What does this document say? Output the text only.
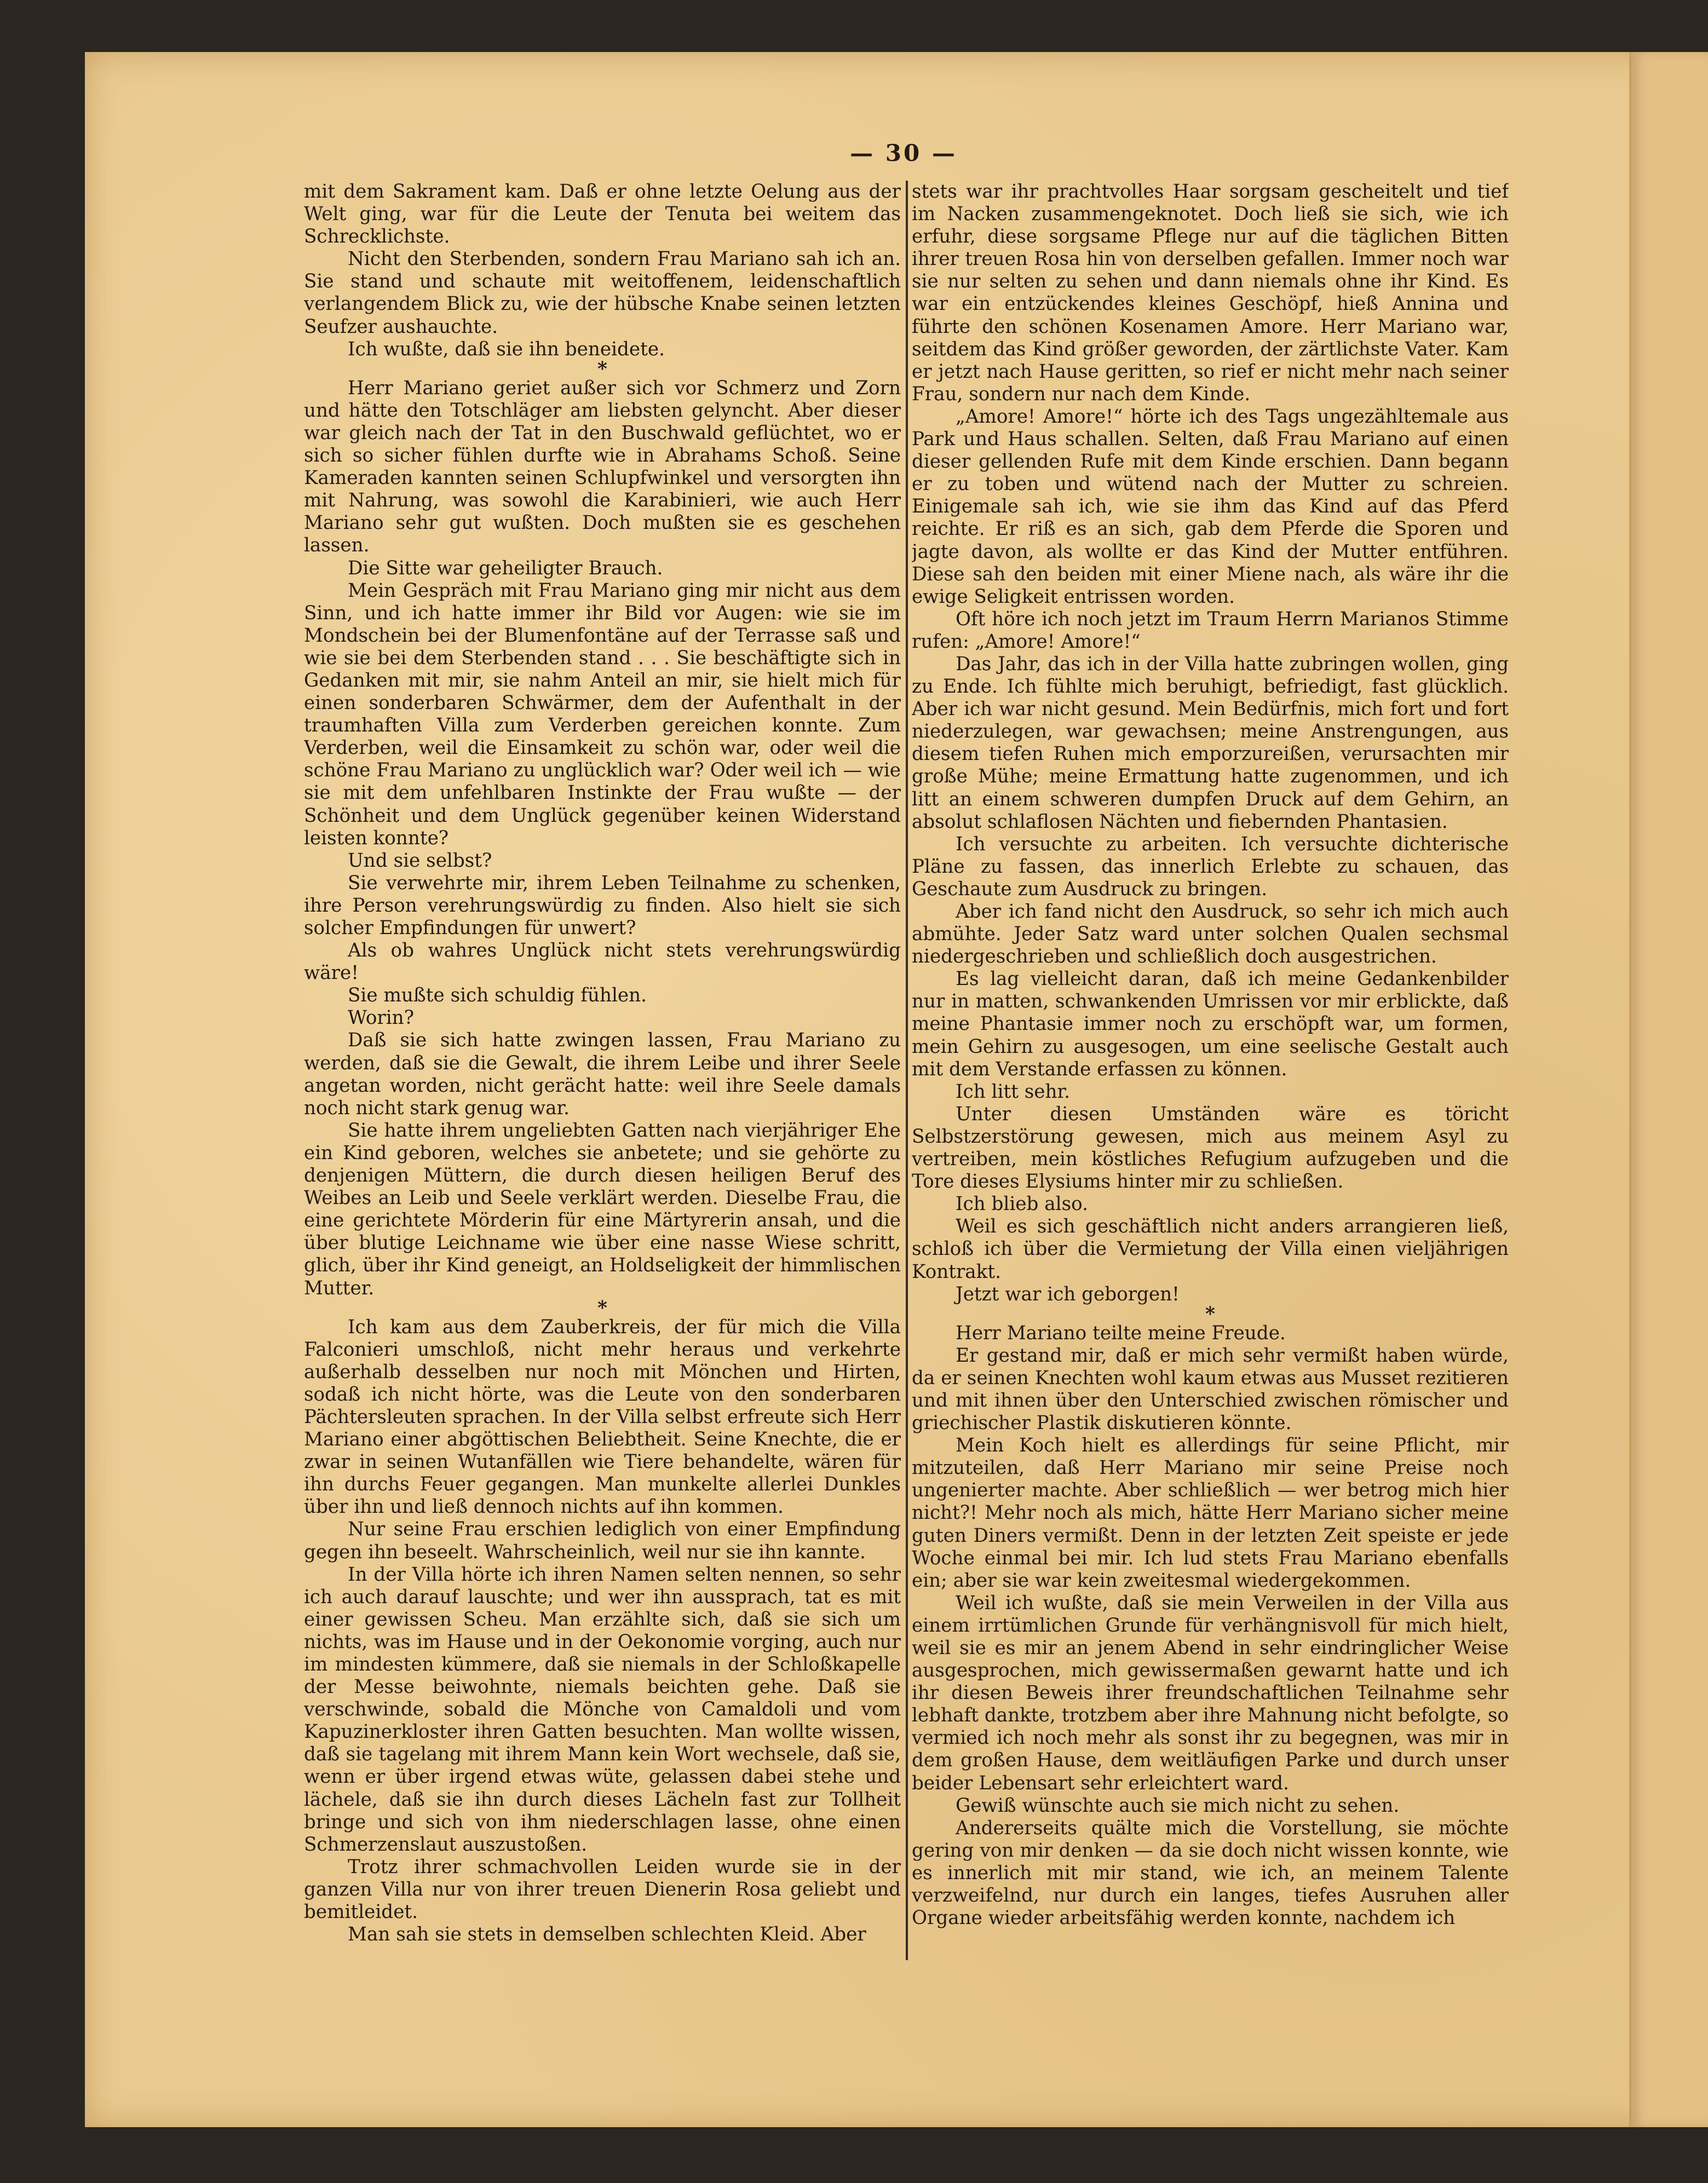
— 30 —

mit dem Sakrament kam. Daß er ohne letzte Oelung aus der Welt ging, war für die Leute der Tenuta bei weitem das Schrecklichste.

Nicht den Sterbenden, sondern Frau Mariano sah ich an. Sie stand und schaute mit weitoffenem, leidenschaftlich verlangendem Blick zu, wie der hübsche Knabe seinen letzten Seufzer aushauchte.

Ich wußte, daß sie ihn beneidete.

*

Herr Mariano geriet außer sich vor Schmerz und Zorn und hätte den Totschläger am liebsten gelyncht. Aber dieser war gleich nach der Tat in den Buschwald geflüchtet, wo er sich so sicher fühlen durfte wie in Abrahams Schoß. Seine Kameraden kannten seinen Schlupfwinkel und versorgten ihn mit Nahrung, was sowohl die Karabinieri, wie auch Herr Mariano sehr gut wußten. Doch mußten sie es geschehen lassen.

Die Sitte war geheiligter Brauch.

Mein Gespräch mit Frau Mariano ging mir nicht aus dem Sinn, und ich hatte immer ihr Bild vor Augen: wie sie im Mondschein bei der Blumenfontäne auf der Terrasse saß und wie sie bei dem Sterbenden stand . . . Sie beschäftigte sich in Gedanken mit mir, sie nahm Anteil an mir, sie hielt mich für einen sonderbaren Schwärmer, dem der Aufenthalt in der traumhaften Villa zum Verderben gereichen konnte. Zum Verderben, weil die Einsamkeit zu schön war, oder weil die schöne Frau Mariano zu unglücklich war? Oder weil ich — wie sie mit dem unfehlbaren Instinkte der Frau wußte — der Schönheit und dem Unglück gegenüber keinen Widerstand leisten konnte?

Und sie selbst?

Sie verwehrte mir, ihrem Leben Teilnahme zu schenken, ihre Person verehrungswürdig zu finden. Also hielt sie sich solcher Empfindungen für unwert?

Als ob wahres Unglück nicht stets verehrungswürdig wäre!

Sie mußte sich schuldig fühlen.

Worin?

Daß sie sich hatte zwingen lassen, Frau Mariano zu werden, daß sie die Gewalt, die ihrem Leibe und ihrer Seele angetan worden, nicht gerächt hatte: weil ihre Seele damals noch nicht stark genug war.

Sie hatte ihrem ungeliebten Gatten nach vierjähriger Ehe ein Kind geboren, welches sie anbetete; und sie gehörte zu denjenigen Müttern, die durch diesen heiligen Beruf des Weibes an Leib und Seele verklärt werden. Dieselbe Frau, die eine gerichtete Mörderin für eine Märtyrerin ansah, und die über blutige Leichname wie über eine nasse Wiese schritt, glich, über ihr Kind geneigt, an Holdseligkeit der himmlischen Mutter.

*

Ich kam aus dem Zauberkreis, der für mich die Villa Falconieri umschloß, nicht mehr heraus und verkehrte außerhalb desselben nur noch mit Mönchen und Hirten, sodaß ich nicht hörte, was die Leute von den sonderbaren Pächtersleuten sprachen. In der Villa selbst erfreute sich Herr Mariano einer abgöttischen Beliebtheit. Seine Knechte, die er zwar in seinen Wutanfällen wie Tiere behandelte, wären für ihn durchs Feuer gegangen. Man munkelte allerlei Dunkles über ihn und ließ dennoch nichts auf ihn kommen.

Nur seine Frau erschien lediglich von einer Empfindung gegen ihn beseelt. Wahrscheinlich, weil nur sie ihn kannte.

In der Villa hörte ich ihren Namen selten nennen, so sehr ich auch darauf lauschte; und wer ihn aussprach, tat es mit einer gewissen Scheu. Man erzählte sich, daß sie sich um nichts, was im Hause und in der Oekonomie vorging, auch nur im mindesten kümmere, daß sie niemals in der Schloßkapelle der Messe beiwohnte, niemals beichten gehe. Daß sie verschwinde, sobald die Mönche von Camaldoli und vom Kapuzinerkloster ihren Gatten besuchten. Man wollte wissen, daß sie tagelang mit ihrem Mann kein Wort wechsele, daß sie, wenn er über irgend etwas wüte, gelassen dabei stehe und lächele, daß sie ihn durch dieses Lächeln fast zur Tollheit bringe und sich von ihm niederschlagen lasse, ohne einen Schmerzenslaut auszustoßen.

Trotz ihrer schmachvollen Leiden wurde sie in der ganzen Villa nur von ihrer treuen Dienerin Rosa geliebt und bemitleidet.

Man sah sie stets in demselben schlechten Kleid. Aber

stets war ihr prachtvolles Haar sorgsam gescheitelt und tief im Nacken zusammengeknotet. Doch ließ sie sich, wie ich erfuhr, diese sorgsame Pflege nur auf die täglichen Bitten ihrer treuen Rosa hin von derselben gefallen. Immer noch war sie nur selten zu sehen und dann niemals ohne ihr Kind. Es war ein entzückendes kleines Geschöpf, hieß Annina und führte den schönen Kosenamen Amore. Herr Mariano war, seitdem das Kind größer geworden, der zärtlichste Vater. Kam er jetzt nach Hause geritten, so rief er nicht mehr nach seiner Frau, sondern nur nach dem Kinde.

„Amore! Amore!“ hörte ich des Tags ungezähltemale aus Park und Haus schallen. Selten, daß Frau Mariano auf einen dieser gellenden Rufe mit dem Kinde erschien. Dann begann er zu toben und wütend nach der Mutter zu schreien. Einigemale sah ich, wie sie ihm das Kind auf das Pferd reichte. Er riß es an sich, gab dem Pferde die Sporen und jagte davon, als wollte er das Kind der Mutter entführen. Diese sah den beiden mit einer Miene nach, als wäre ihr die ewige Seligkeit entrissen worden.

Oft höre ich noch jetzt im Traum Herrn Marianos Stimme rufen: „Amore! Amore!“

Das Jahr, das ich in der Villa hatte zubringen wollen, ging zu Ende. Ich fühlte mich beruhigt, befriedigt, fast glücklich. Aber ich war nicht gesund. Mein Bedürfnis, mich fort und fort niederzulegen, war gewachsen; meine Anstrengungen, aus diesem tiefen Ruhen mich emporzureißen, verursachten mir große Mühe; meine Ermattung hatte zugenommen, und ich litt an einem schweren dumpfen Druck auf dem Gehirn, an absolut schlaflosen Nächten und fiebernden Phantasien.

Ich versuchte zu arbeiten. Ich versuchte dichterische Pläne zu fassen, das innerlich Erlebte zu schauen, das Geschaute zum Ausdruck zu bringen.

Aber ich fand nicht den Ausdruck, so sehr ich mich auch abmühte. Jeder Satz ward unter solchen Qualen sechsmal niedergeschrieben und schließlich doch ausgestrichen.

Es lag vielleicht daran, daß ich meine Gedankenbilder nur in matten, schwankenden Umrissen vor mir erblickte, daß meine Phantasie immer noch zu erschöpft war, um formen, mein Gehirn zu ausgesogen, um eine seelische Gestalt auch mit dem Verstande erfassen zu können.

Ich litt sehr.

Unter diesen Umständen wäre es töricht Selbstzerstörung gewesen, mich aus meinem Asyl zu vertreiben, mein köstliches Refugium aufzugeben und die Tore dieses Elysiums hinter mir zu schließen.

Ich blieb also.

Weil es sich geschäftlich nicht anders arrangieren ließ, schloß ich über die Vermietung der Villa einen vieljährigen Kontrakt.

Jetzt war ich geborgen!

*

Herr Mariano teilte meine Freude.

Er gestand mir, daß er mich sehr vermißt haben würde, da er seinen Knechten wohl kaum etwas aus Musset rezitieren und mit ihnen über den Unterschied zwischen römischer und griechischer Plastik diskutieren könnte.

Mein Koch hielt es allerdings für seine Pflicht, mir mitzuteilen, daß Herr Mariano mir seine Preise noch ungenierter machte. Aber schließlich — wer betrog mich hier nicht?! Mehr noch als mich, hätte Herr Mariano sicher meine guten Diners vermißt. Denn in der letzten Zeit speiste er jede Woche einmal bei mir. Ich lud stets Frau Mariano ebenfalls ein; aber sie war kein zweitesmal wiedergekommen.

Weil ich wußte, daß sie mein Verweilen in der Villa aus einem irrtümlichen Grunde für verhängnisvoll für mich hielt, weil sie es mir an jenem Abend in sehr eindringlicher Weise ausgesprochen, mich gewissermaßen gewarnt hatte und ich ihr diesen Beweis ihrer freundschaftlichen Teilnahme sehr lebhaft dankte, trotzbem aber ihre Mahnung nicht befolgte, so vermied ich noch mehr als sonst ihr zu begegnen, was mir in dem großen Hause, dem weitläufigen Parke und durch unser beider Lebensart sehr erleichtert ward.

Gewiß wünschte auch sie mich nicht zu sehen.

Andererseits quälte mich die Vorstellung, sie möchte gering von mir denken — da sie doch nicht wissen konnte, wie es innerlich mit mir stand, wie ich, an meinem Talente verzweifelnd, nur durch ein langes, tiefes Ausruhen aller Organe wieder arbeitsfähig werden konnte, nachdem ich
